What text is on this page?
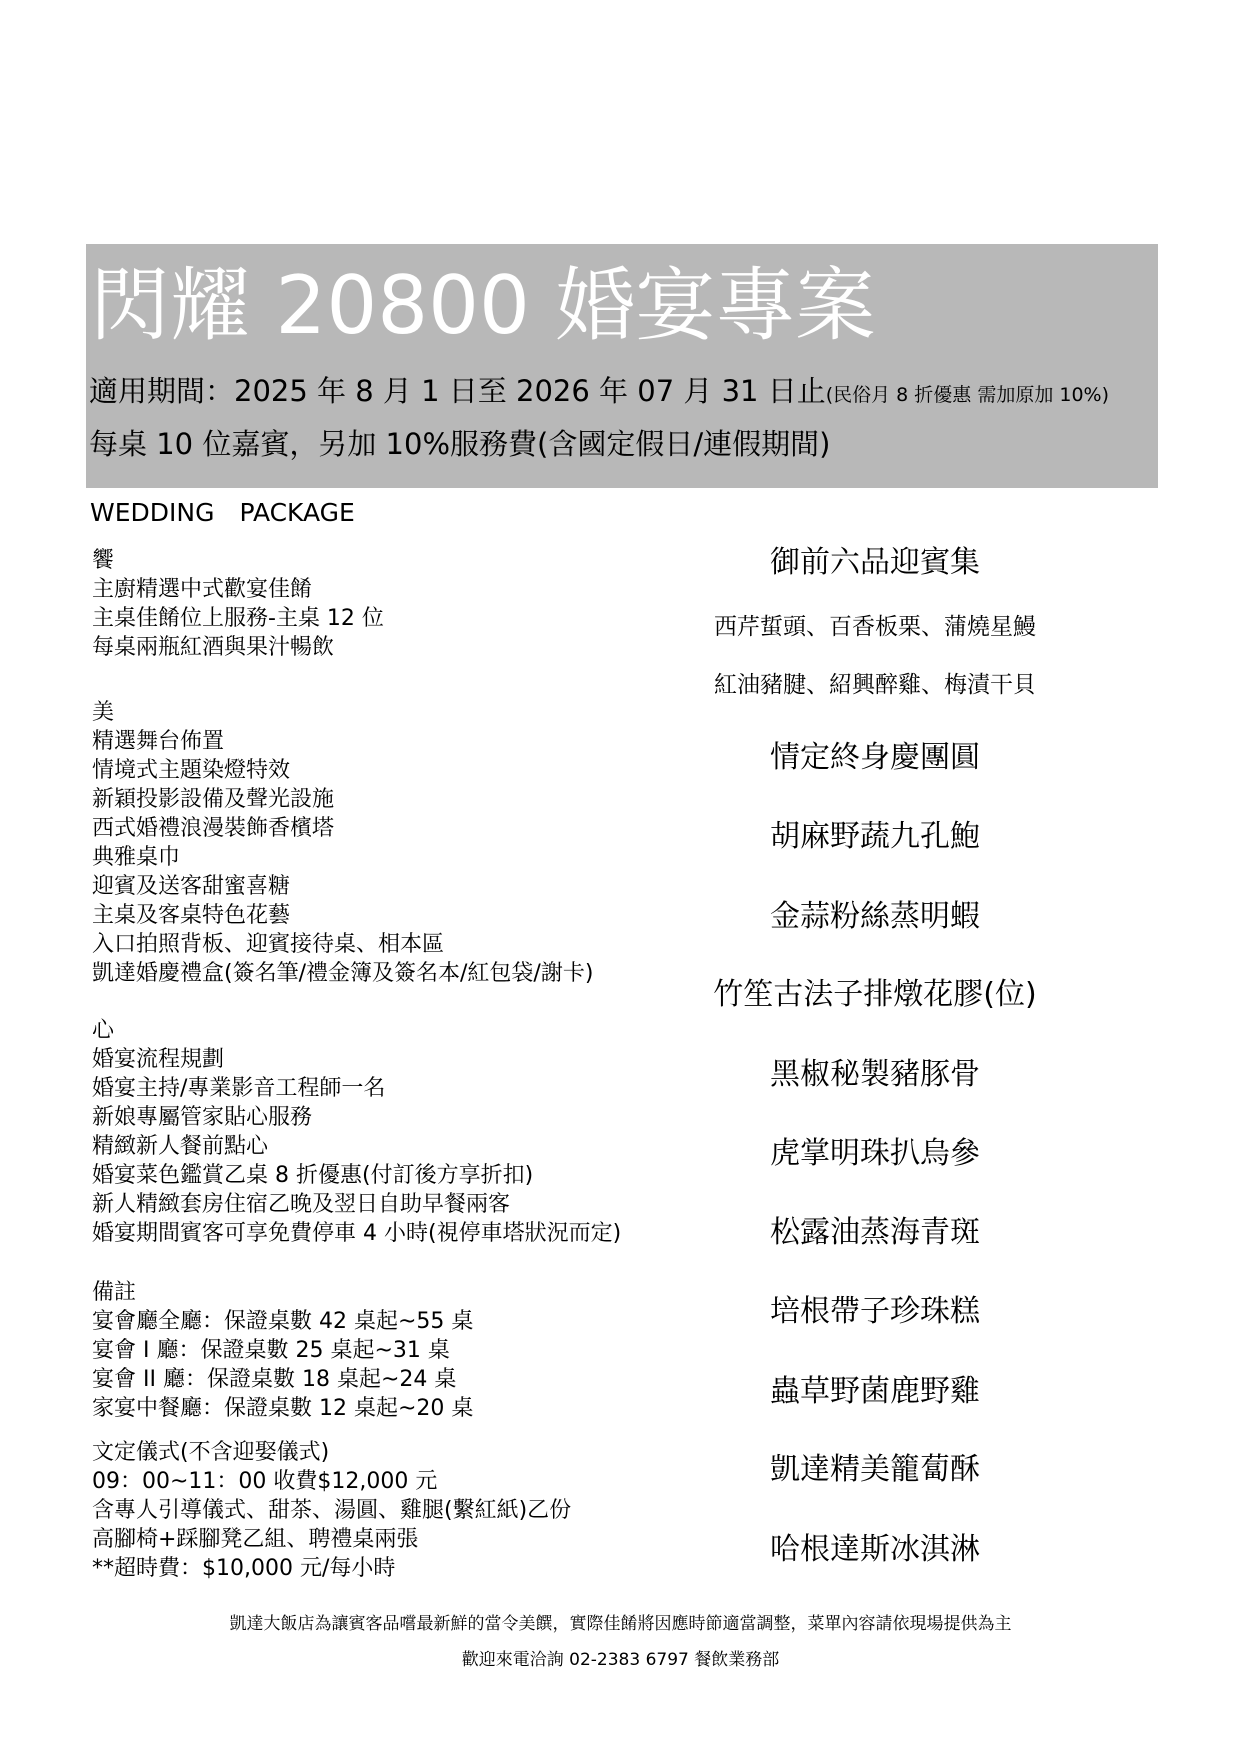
閃耀 20800 婚宴專案
適用期間：2025 年 8 月 1 日至 2026 年 07 月 31 日止(民俗月 8 折優惠 需加原加 10%)
每桌 10 位嘉賓，另加 10%服務費(含國定假日/連假期間)
WEDDING　PACKAGE
饗
主廚精選中式歡宴佳餚
主桌佳餚位上服務-主桌 12 位
每桌兩瓶紅酒與果汁暢飲
美
精選舞台佈置
情境式主題染燈特效
新穎投影設備及聲光設施
西式婚禮浪漫裝飾香檳塔
典雅桌巾
迎賓及送客甜蜜喜糖
主桌及客桌特色花藝
入口拍照背板、迎賓接待桌、相本區
凱達婚慶禮盒(簽名筆/禮金簿及簽名本/紅包袋/謝卡)
心
婚宴流程規劃
婚宴主持/專業影音工程師一名
新娘專屬管家貼心服務
精緻新人餐前點心
婚宴菜色鑑賞乙桌 8 折優惠(付訂後方享折扣)
新人精緻套房住宿乙晚及翌日自助早餐兩客
婚宴期間賓客可享免費停車 4 小時(視停車塔狀況而定)
備註
宴會廳全廳：保證桌數 42 桌起~55 桌
宴會 I 廳：保證桌數 25 桌起~31 桌
宴會 II 廳：保證桌數 18 桌起~24 桌
家宴中餐廳：保證桌數 12 桌起~20 桌
文定儀式(不含迎娶儀式)
09：00~11：00 收費$12,000 元
含專人引導儀式、甜茶、湯圓、雞腿(繫紅紙)乙份
高腳椅+踩腳凳乙組、聘禮桌兩張
**超時費：$10,000 元/每小時
御前六品迎賓集
西芹蜇頭、百香板栗、蒲燒星鰻
紅油豬腱、紹興醉雞、梅漬干貝
情定終身慶團圓
胡麻野蔬九孔鮑
金蒜粉絲蒸明蝦
竹笙古法子排燉花膠(位)
黑椒秘製豬豚骨
虎掌明珠扒烏參
松露油蒸海青斑
培根帶子珍珠糕
蟲草野菌鹿野雞
凱達精美籠蔔酥
哈根達斯冰淇淋
凱達大飯店為讓賓客品嚐最新鮮的當令美饌，實際佳餚將因應時節適當調整，菜單內容請依現場提供為主
歡迎來電洽詢 02-2383 6797 餐飲業務部
